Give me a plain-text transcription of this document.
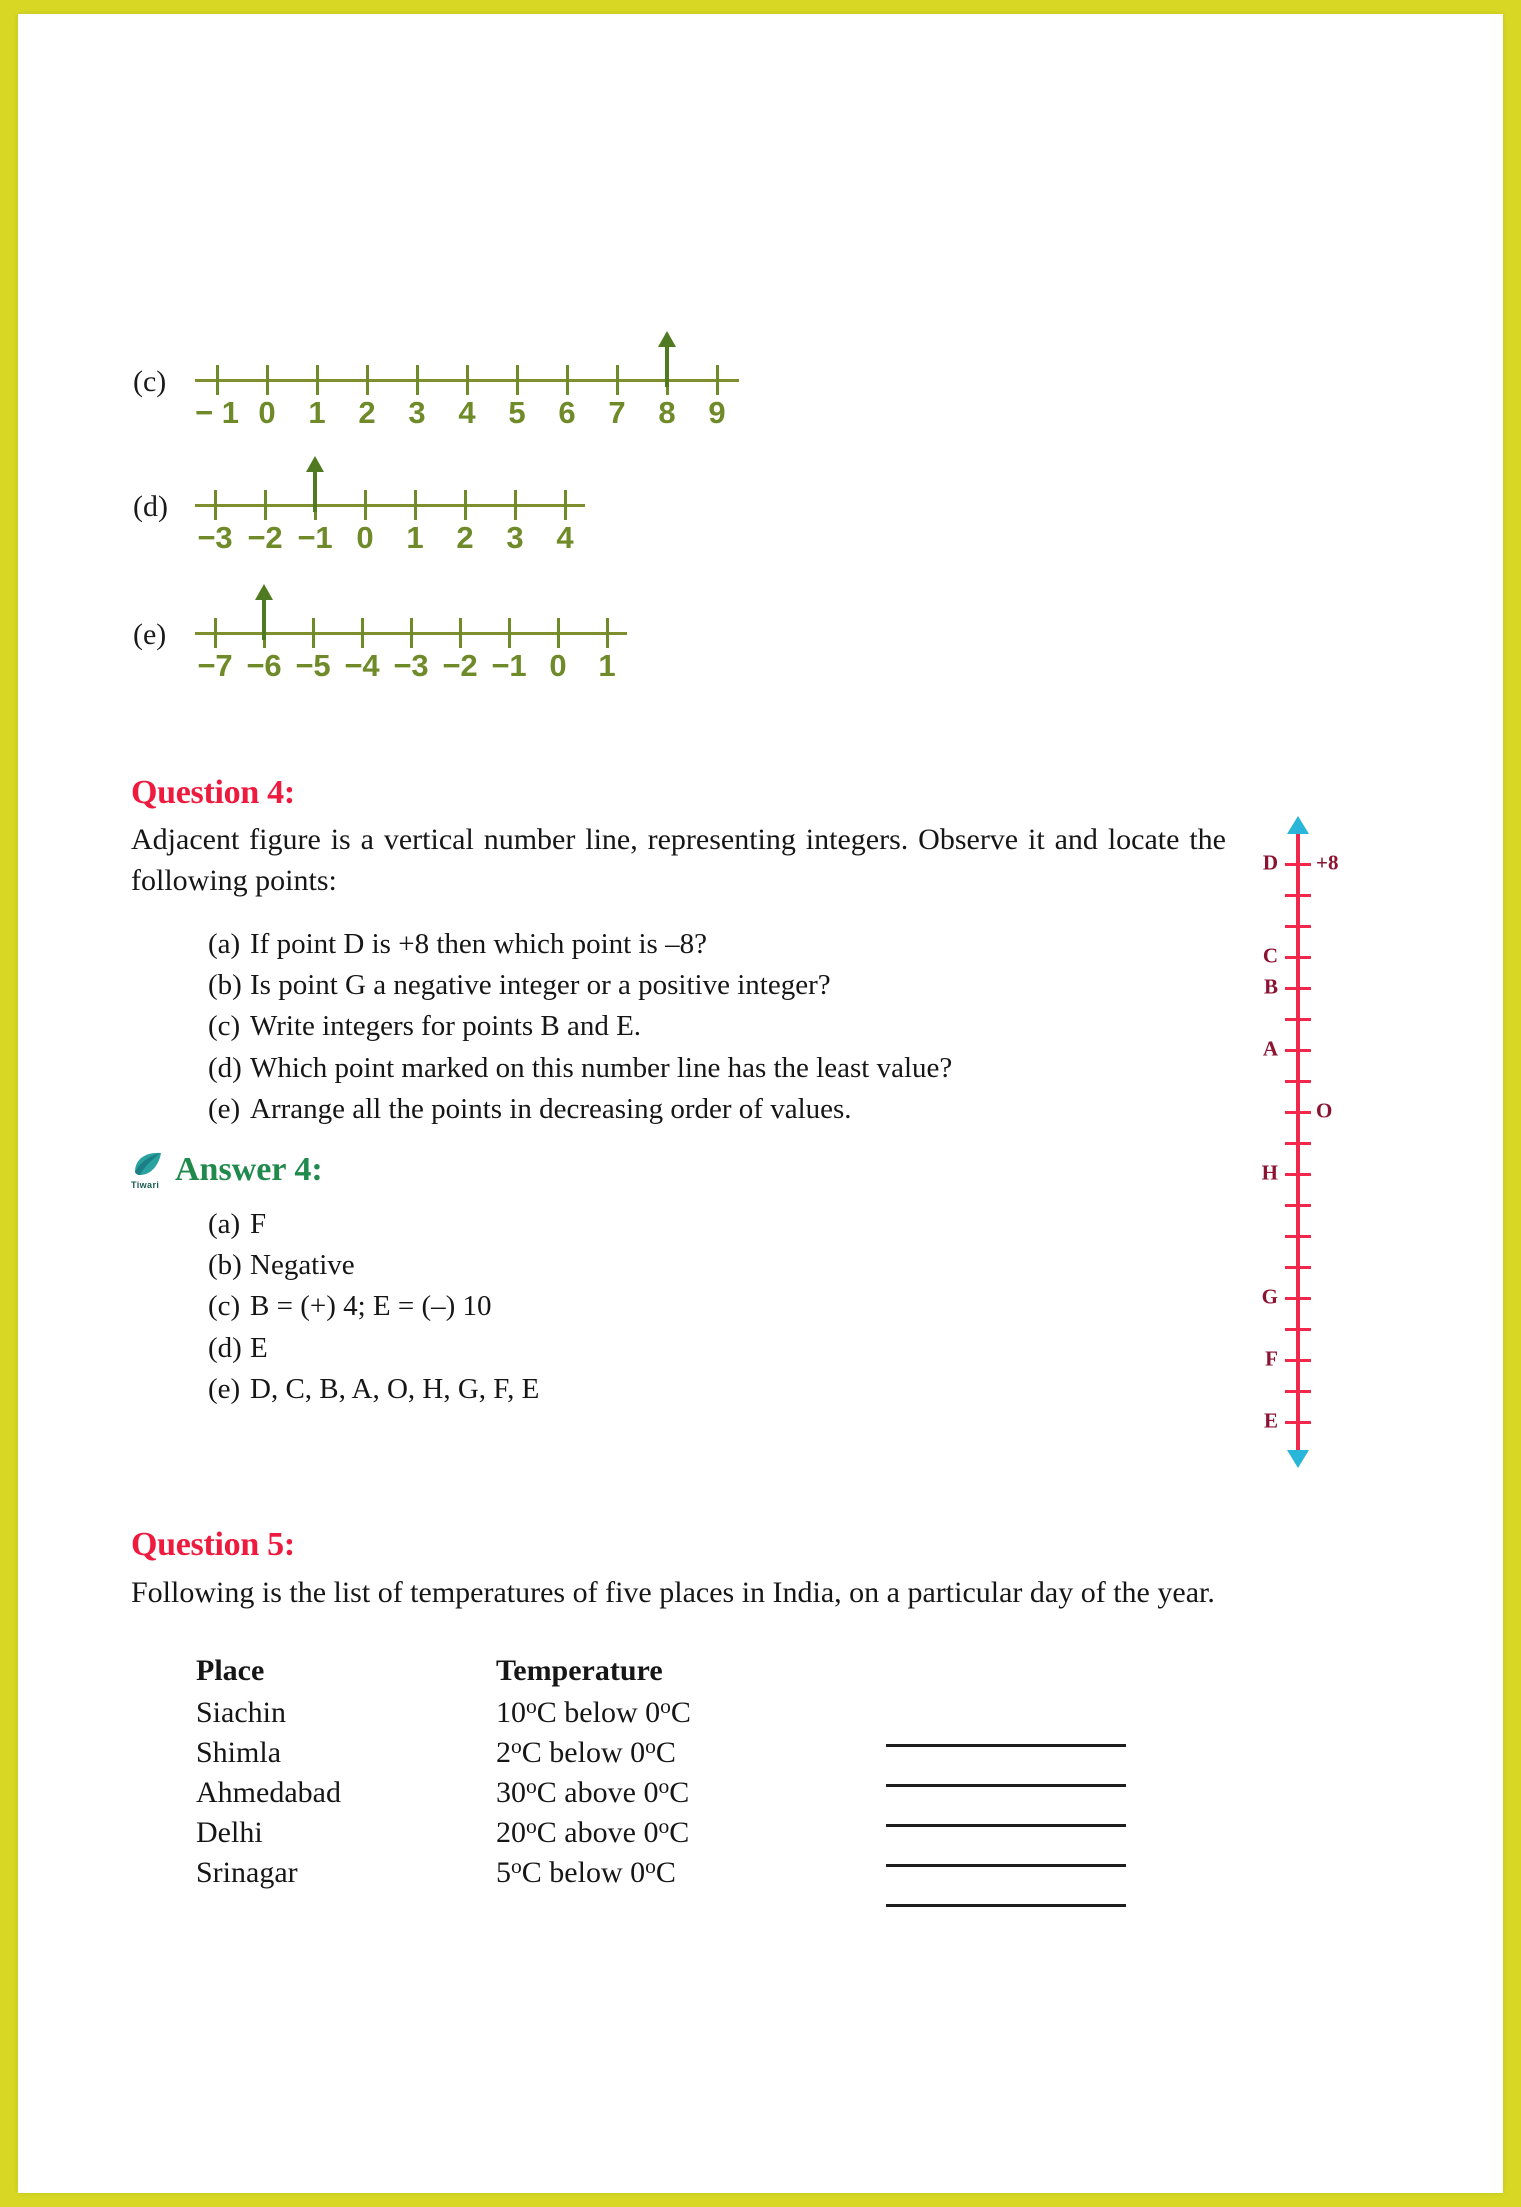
(c)
− 1 0 1 2 3 4 5 6 7 8 9
(d)
−3 −2 −1 0 1 2 3 4
(e)
−7 −6 −5 −4 −3 −2 −1 0 1
Question 4:
Adjacent figure is a vertical number line, representing integers. Observe it and locate the following points:
(a) If point D is +8 then which point is –8?
(b) Is point G a negative integer or a positive integer?
(c) Write integers for points B and E.
(d) Which point marked on this number line has the least value?
(e) Arrange all the points in decreasing order of values.
Tiwari Answer 4:
(a) F
(b) Negative
(c) B = (+) 4; E = (–) 10
(d) E
(e) D, C, B, A, O, H, G, F, E
D
C
B
A
O
H
G
F
E
+8
Question 5:
Following is the list of temperatures of five places in India, on a particular day of the year.
Place	Temperature
Siachin	10$^o$C below 0$^o$C
Shimla	2$^o$C below 0$^o$C
Ahmedabad	30$^o$C above 0$^o$C
Delhi	20$^o$C above 0$^o$C
Srinagar	5$^o$C below 0$^o$C
